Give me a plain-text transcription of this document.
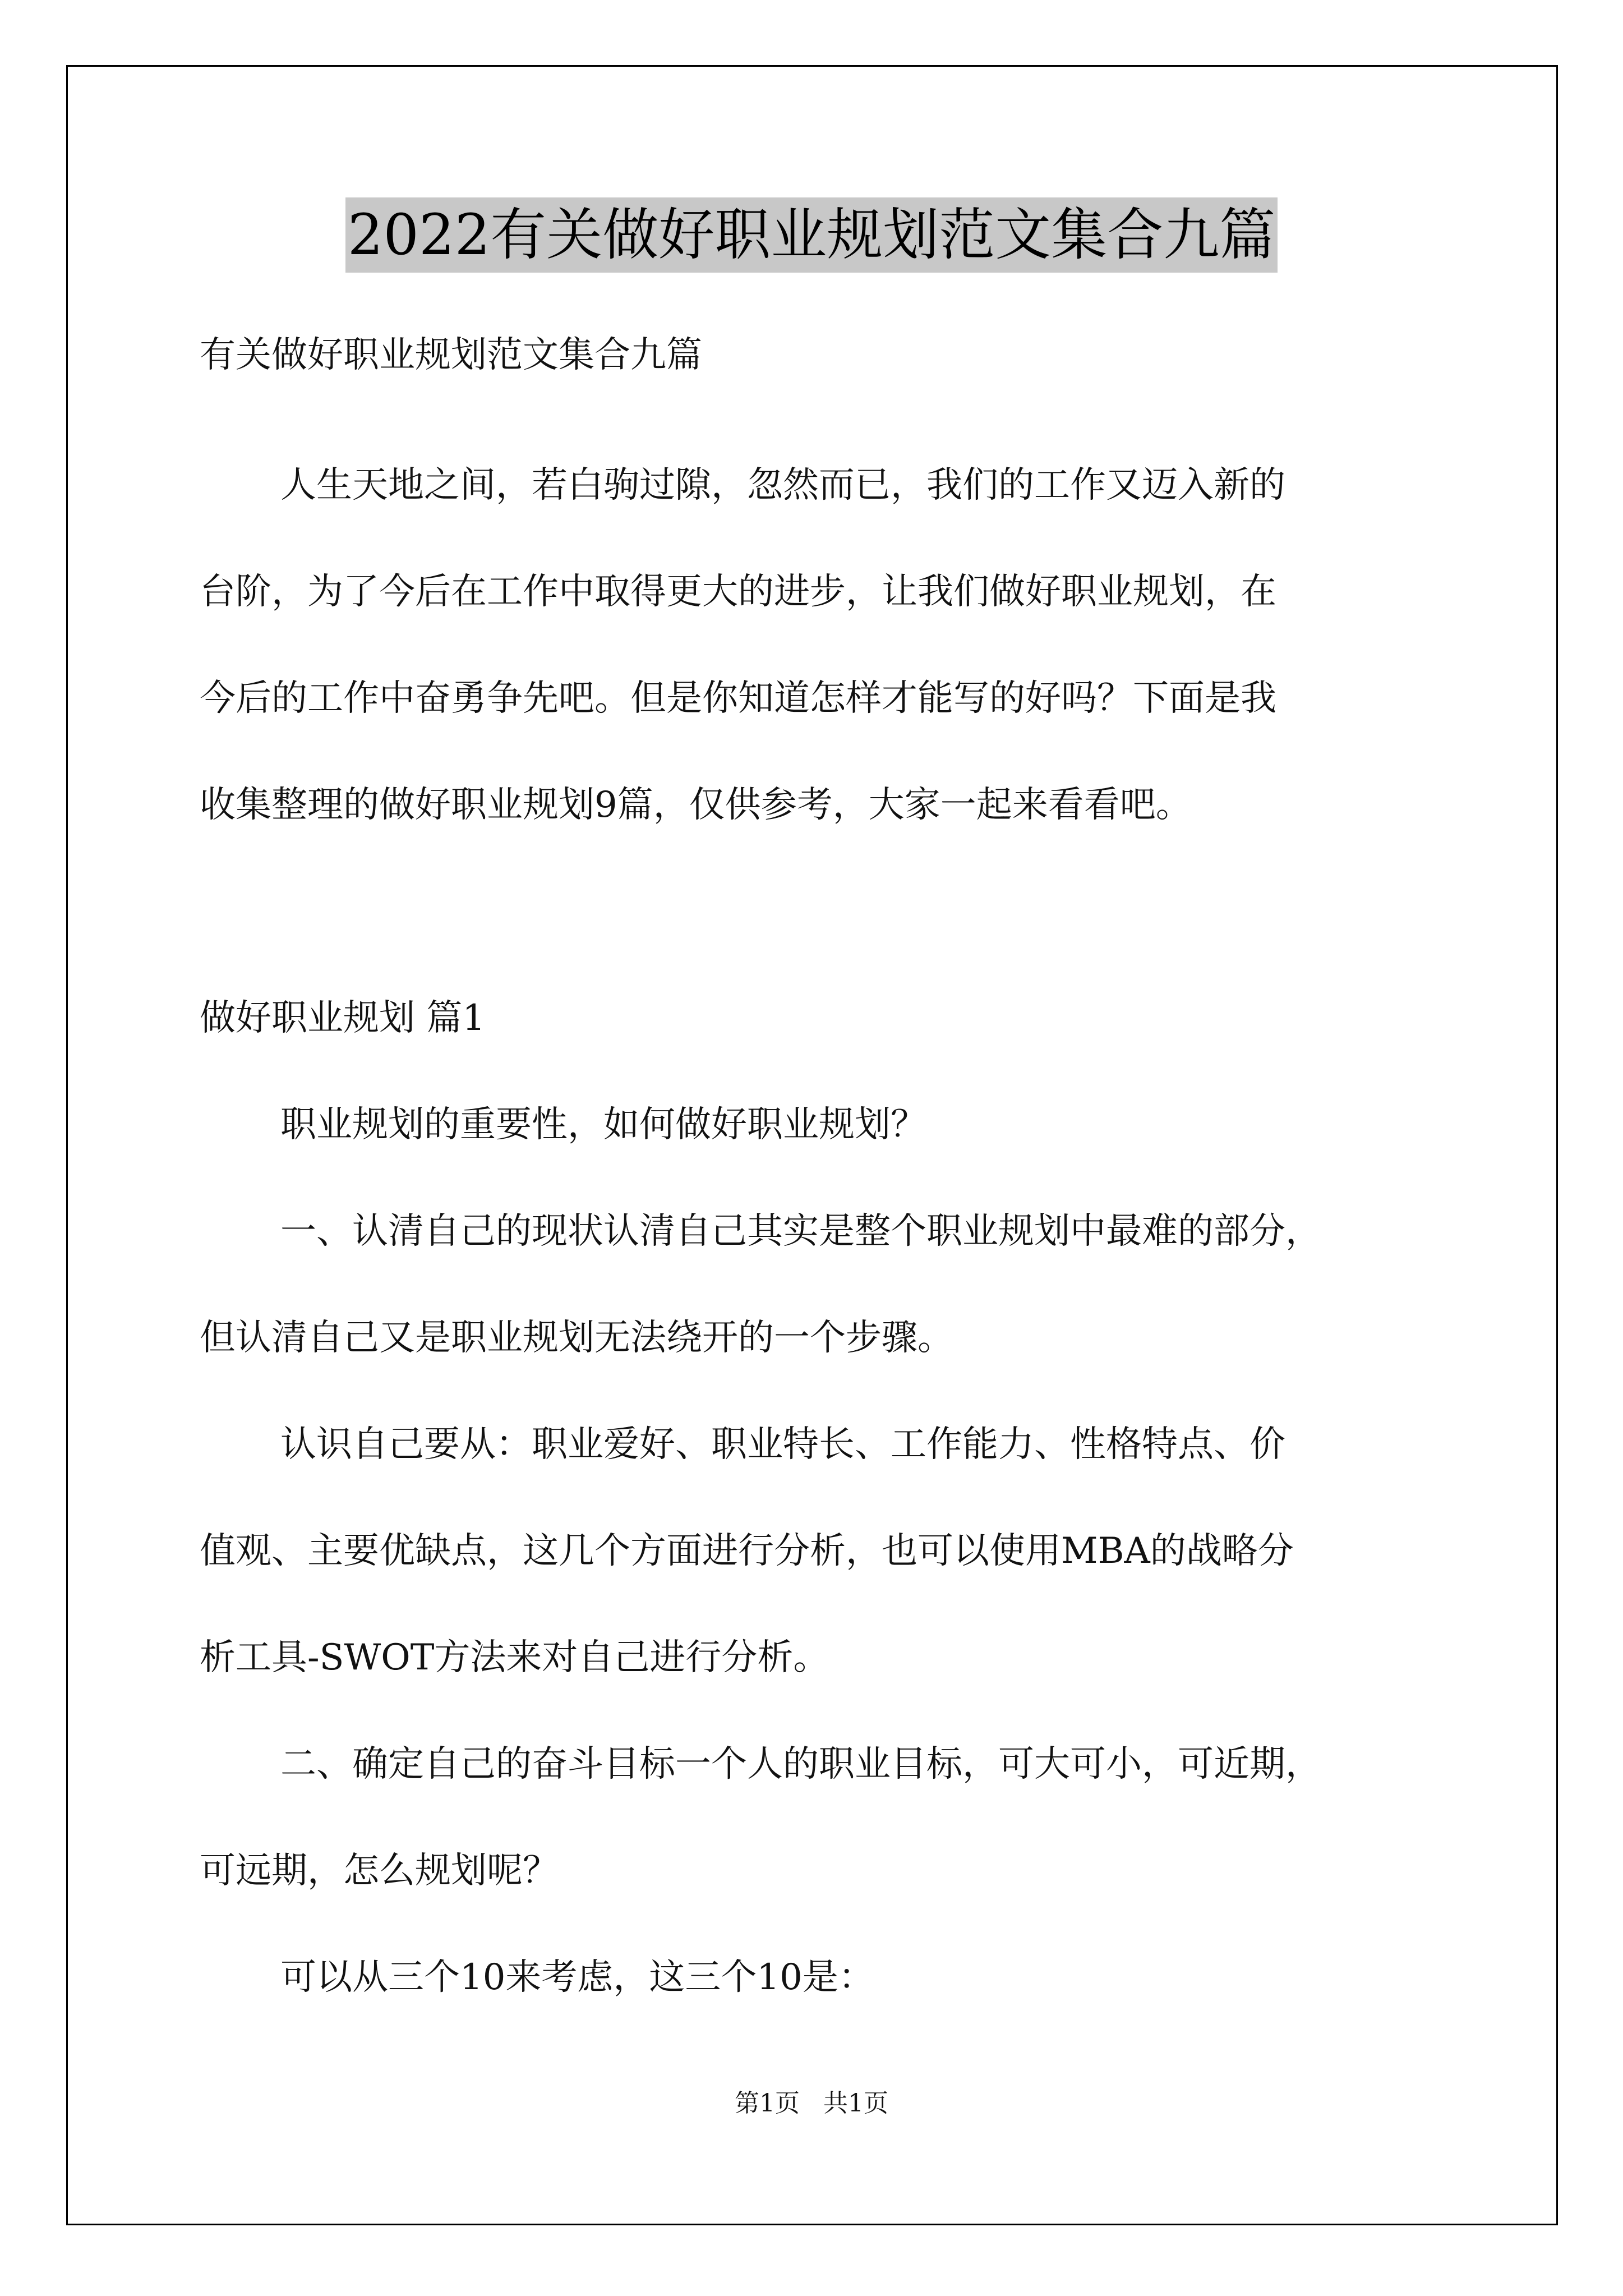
2022有关做好职业规划范文集合九篇
有关做好职业规划范文集合九篇
人生天地之间，若白驹过隙，忽然而已，我们的工作又迈入新的
台阶，为了今后在工作中取得更大的进步，让我们做好职业规划，在
今后的工作中奋勇争先吧。但是你知道怎样才能写的好吗？下面是我
收集整理的做好职业规划9篇，仅供参考，大家一起来看看吧。
做好职业规划 篇1
职业规划的重要性，如何做好职业规划？
一、认清自己的现状认清自己其实是整个职业规划中最难的部分，
但认清自己又是职业规划无法绕开的一个步骤。
认识自己要从：职业爱好、职业特长、工作能力、性格特点、价
值观、主要优缺点，这几个方面进行分析，也可以使用MBA的战略分
析工具-SWOT方法来对自己进行分析。
二、确定自己的奋斗目标一个人的职业目标，可大可小，可近期，
可远期，怎么规划呢？
可以从三个10来考虑，这三个10是：
第1页   共1页
